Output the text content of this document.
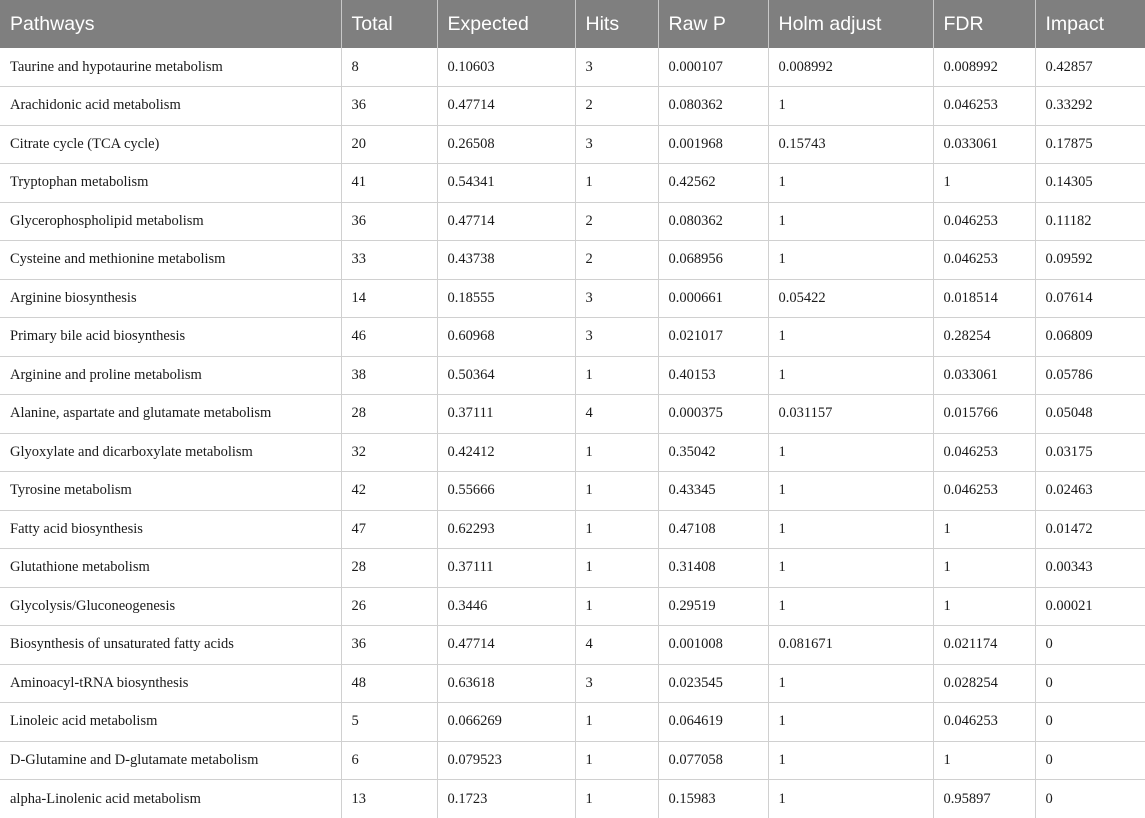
Pathways	Total	Expected	Hits	Raw P	Holm adjust	FDR	Impact
Taurine and hypotaurine metabolism	8	0.10603	3	0.000107	0.008992	0.008992	0.42857
Arachidonic acid metabolism	36	0.47714	2	0.080362	1	0.046253	0.33292
Citrate cycle (TCA cycle)	20	0.26508	3	0.001968	0.15743	0.033061	0.17875
Tryptophan metabolism	41	0.54341	1	0.42562	1	1	0.14305
Glycerophospholipid metabolism	36	0.47714	2	0.080362	1	0.046253	0.11182
Cysteine and methionine metabolism	33	0.43738	2	0.068956	1	0.046253	0.09592
Arginine biosynthesis	14	0.18555	3	0.000661	0.05422	0.018514	0.07614
Primary bile acid biosynthesis	46	0.60968	3	0.021017	1	0.28254	0.06809
Arginine and proline metabolism	38	0.50364	1	0.40153	1	0.033061	0.05786
Alanine, aspartate and glutamate metabolism	28	0.37111	4	0.000375	0.031157	0.015766	0.05048
Glyoxylate and dicarboxylate metabolism	32	0.42412	1	0.35042	1	0.046253	0.03175
Tyrosine metabolism	42	0.55666	1	0.43345	1	0.046253	0.02463
Fatty acid biosynthesis	47	0.62293	1	0.47108	1	1	0.01472
Glutathione metabolism	28	0.37111	1	0.31408	1	1	0.00343
Glycolysis/Gluconeogenesis	26	0.3446	1	0.29519	1	1	0.00021
Biosynthesis of unsaturated fatty acids	36	0.47714	4	0.001008	0.081671	0.021174	0
Aminoacyl-tRNA biosynthesis	48	0.63618	3	0.023545	1	0.028254	0
Linoleic acid metabolism	5	0.066269	1	0.064619	1	0.046253	0
D-Glutamine and D-glutamate metabolism	6	0.079523	1	0.077058	1	1	0
alpha-Linolenic acid metabolism	13	0.1723	1	0.15983	1	0.95897	0
